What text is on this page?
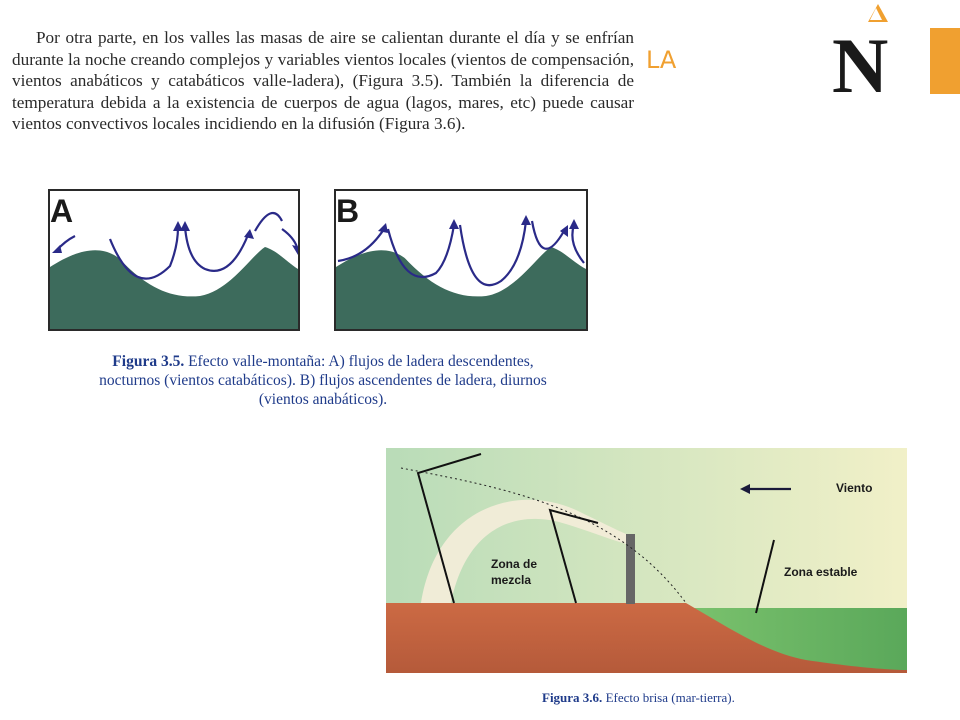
Por otra parte, en los valles las masas de aire se calientan durante el día y se enfrían durante la noche creando complejos y variables vientos locales (vientos de compensación, vientos anabáticos y catabáticos valle-ladera), (Figura 3.5). También la diferencia de temperatura debida a la existencia de cuerpos de agua (lagos, mares, etc) puede causar vientos convectivos locales incidiendo en la difusión (Figura 3.6).

LA N
A	B
Figura 3.5. Efecto valle-montaña: A) flujos de ladera descendentes, nocturnos (vientos catabáticos). B) flujos ascendentes de ladera, diurnos (vientos anabáticos).
Viento
Zona de
mezcla
Zona estable
Figura 3.6. Efecto brisa (mar-tierra).
